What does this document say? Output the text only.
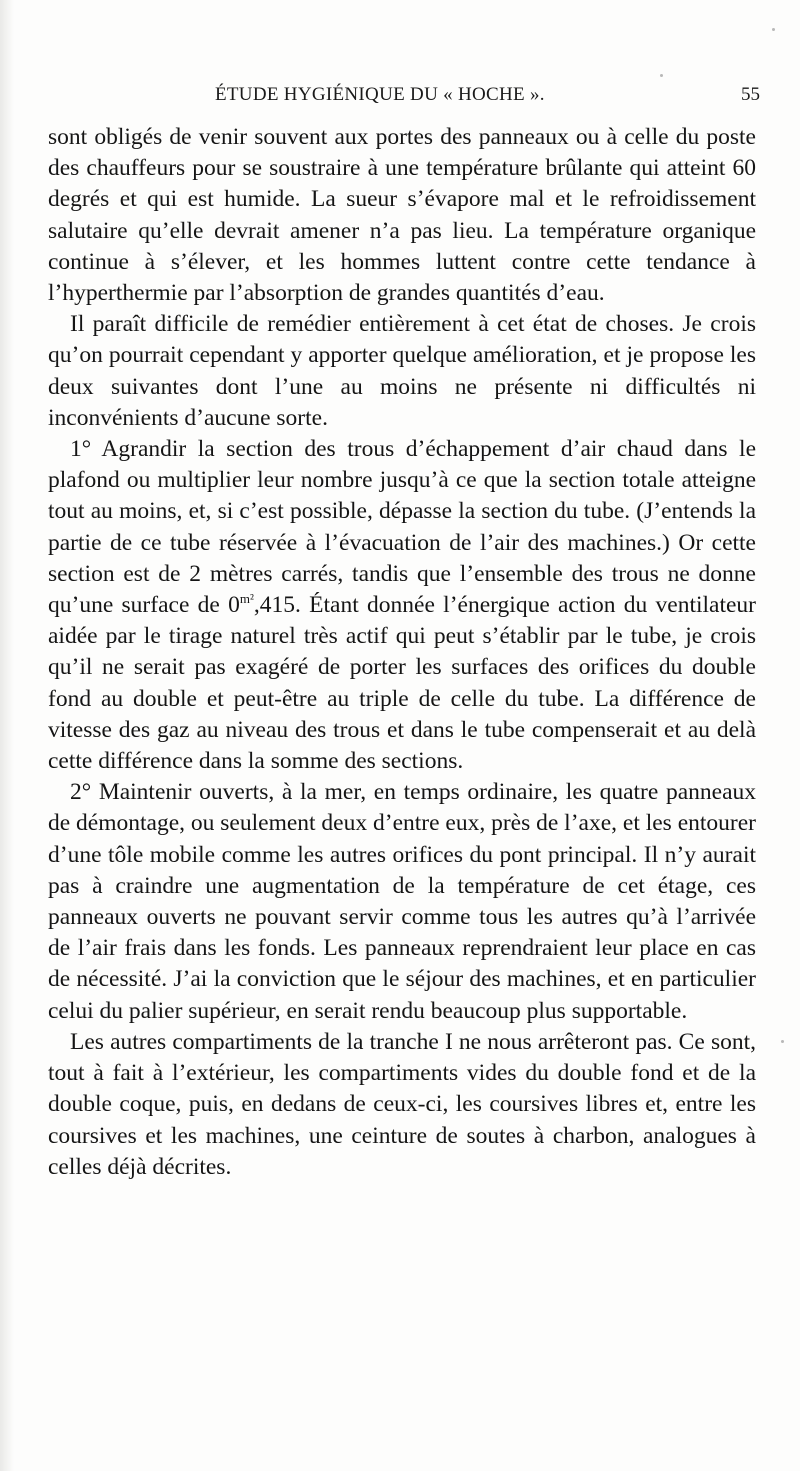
ÉTUDE HYGIÉNIQUE DU « HOCHE ».	55

sont obligés de venir souvent aux portes des panneaux ou à celle du poste des chauffeurs pour se soustraire à une température brûlante qui atteint 60 degrés et qui est humide. La sueur s’évapore mal et le refroidissement salutaire qu’elle devrait amener n’a pas lieu. La température organique continue à s’élever, et les hommes luttent contre cette tendance à l’hyperthermie par l’absorption de grandes quantités d’eau.

Il paraît difficile de remédier entièrement à cet état de choses. Je crois qu’on pourrait cependant y apporter quelque amélioration, et je propose les deux suivantes dont l’une au moins ne présente ni difficultés ni inconvénients d’aucune sorte.

1° Agrandir la section des trous d’échappement d’air chaud dans le plafond ou multiplier leur nombre jusqu’à ce que la section totale atteigne tout au moins, et, si c’est possible, dépasse la section du tube. (J’entends la partie de ce tube réservée à l’évacuation de l’air des machines.) Or cette section est de 2 mètres carrés, tandis que l’ensemble des trous ne donne qu’une surface de $0^{m^2},415$. Étant donnée l’énergique action du ventilateur aidée par le tirage naturel très actif qui peut s’établir par le tube, je crois qu’il ne serait pas exagéré de porter les surfaces des orifices du double fond au double et peut-être au triple de celle du tube. La différence de vitesse des gaz au niveau des trous et dans le tube compenserait et au delà cette différence dans la somme des sections.

2° Maintenir ouverts, à la mer, en temps ordinaire, les quatre panneaux de démontage, ou seulement deux d’entre eux, près de l’axe, et les entourer d’une tôle mobile comme les autres orifices du pont principal. Il n’y aurait pas à craindre une augmentation de la température de cet étage, ces panneaux ouverts ne pouvant servir comme tous les autres qu’à l’arrivée de l’air frais dans les fonds. Les panneaux reprendraient leur place en cas de nécessité. J’ai la conviction que le séjour des machines, et en particulier celui du palier supérieur, en serait rendu beaucoup plus supportable.

Les autres compartiments de la tranche I ne nous arrêteront pas. Ce sont, tout à fait à l’extérieur, les compartiments vides du double fond et de la double coque, puis, en dedans de ceux-ci, les coursives libres et, entre les coursives et les machines, une ceinture de soutes à charbon, analogues à celles déjà décrites.
